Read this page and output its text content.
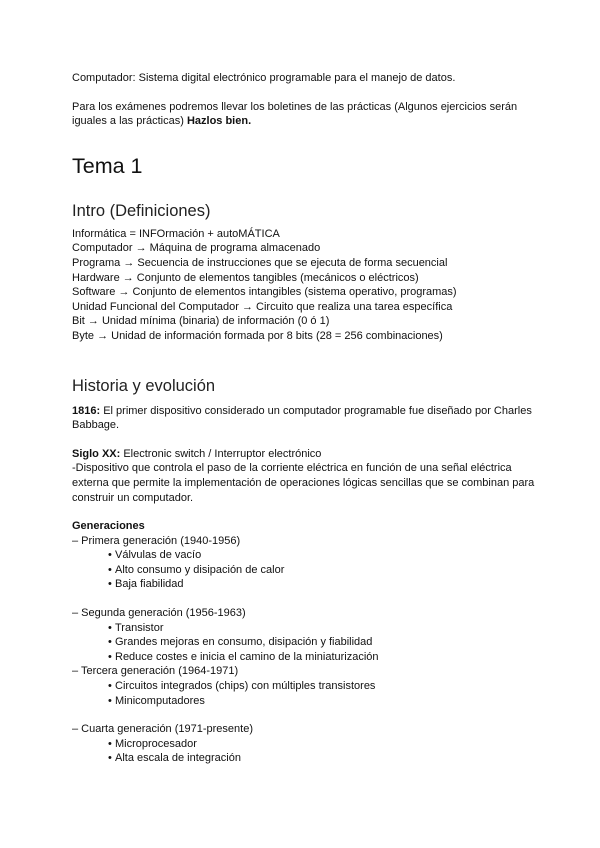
Computador: Sistema digital electrónico programable para el manejo de datos.

Para los exámenes podremos llevar los boletines de las prácticas (Algunos ejercicios serán iguales a las prácticas) Hazlos bien.

Tema 1
Intro (Definiciones)

Informática = INFOrmación + autoMÁTICA

Computador → Máquina de programa almacenado

Programa → Secuencia de instrucciones que se ejecuta de forma secuencial

Hardware → Conjunto de elementos tangibles (mecánicos o eléctricos)

Software → Conjunto de elementos intangibles (sistema operativo, programas)

Unidad Funcional del Computador → Circuito que realiza una tarea específica

Bit → Unidad mínima (binaria) de información (0 ó 1)

Byte → Unidad de información formada por 8 bits (28 = 256 combinaciones)

Historia y evolución

1816: El primer dispositivo considerado un computador programable fue diseñado por Charles Babbage.

Siglo XX: Electronic switch / Interruptor electrónico

-Dispositivo que controla el paso de la corriente eléctrica en función de una señal eléctrica externa que permite la implementación de operaciones lógicas sencillas que se combinan para construir un computador.

Generaciones

– Primera generación (1940-1956)

• Válvulas de vacío

• Alto consumo y disipación de calor

• Baja fiabilidad

– Segunda generación (1956-1963)

• Transistor

• Grandes mejoras en consumo, disipación y fiabilidad

• Reduce costes e inicia el camino de la miniaturización

– Tercera generación (1964-1971)

• Circuitos integrados (chips) con múltiples transistores

• Minicomputadores

– Cuarta generación (1971-presente)

• Microprocesador

• Alta escala de integración
